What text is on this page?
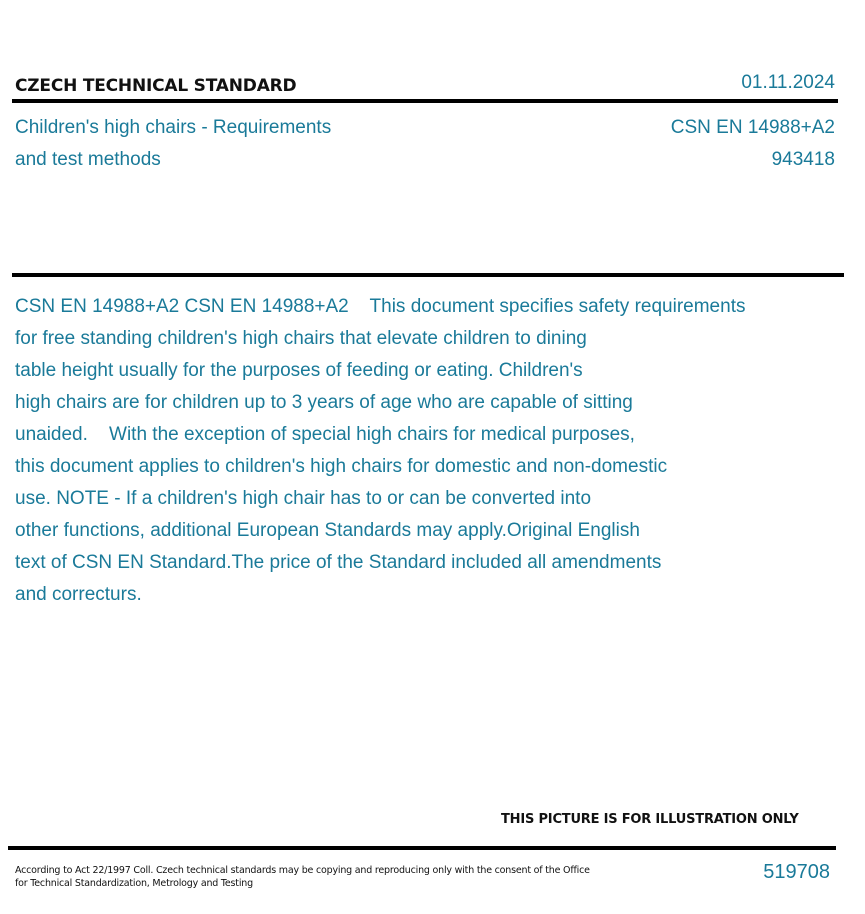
CZECH TECHNICAL STANDARD	01.11.2024
Children's high chairs - Requirements
and test methods
CSN EN 14988+A2
943418
CSN EN 14988+A2 CSN EN 14988+A2    This document specifies safety requirements
for free standing children's high chairs that elevate children to dining
table height usually for the purposes of feeding or eating. Children's
high chairs are for children up to 3 years of age who are capable of sitting
unaided.    With the exception of special high chairs for medical purposes,
this document applies to children's high chairs for domestic and non-domestic
use. NOTE - If a children's high chair has to or can be converted into
other functions, additional European Standards may apply.Original English
text of CSN EN Standard.The price of the Standard included all amendments
and correcturs.
THIS PICTURE IS FOR ILLUSTRATION ONLY
According to Act 22/1997 Coll. Czech technical standards may be copying and reproducing only with the consent of the Office
for Technical Standardization, Metrology and Testing
519708
